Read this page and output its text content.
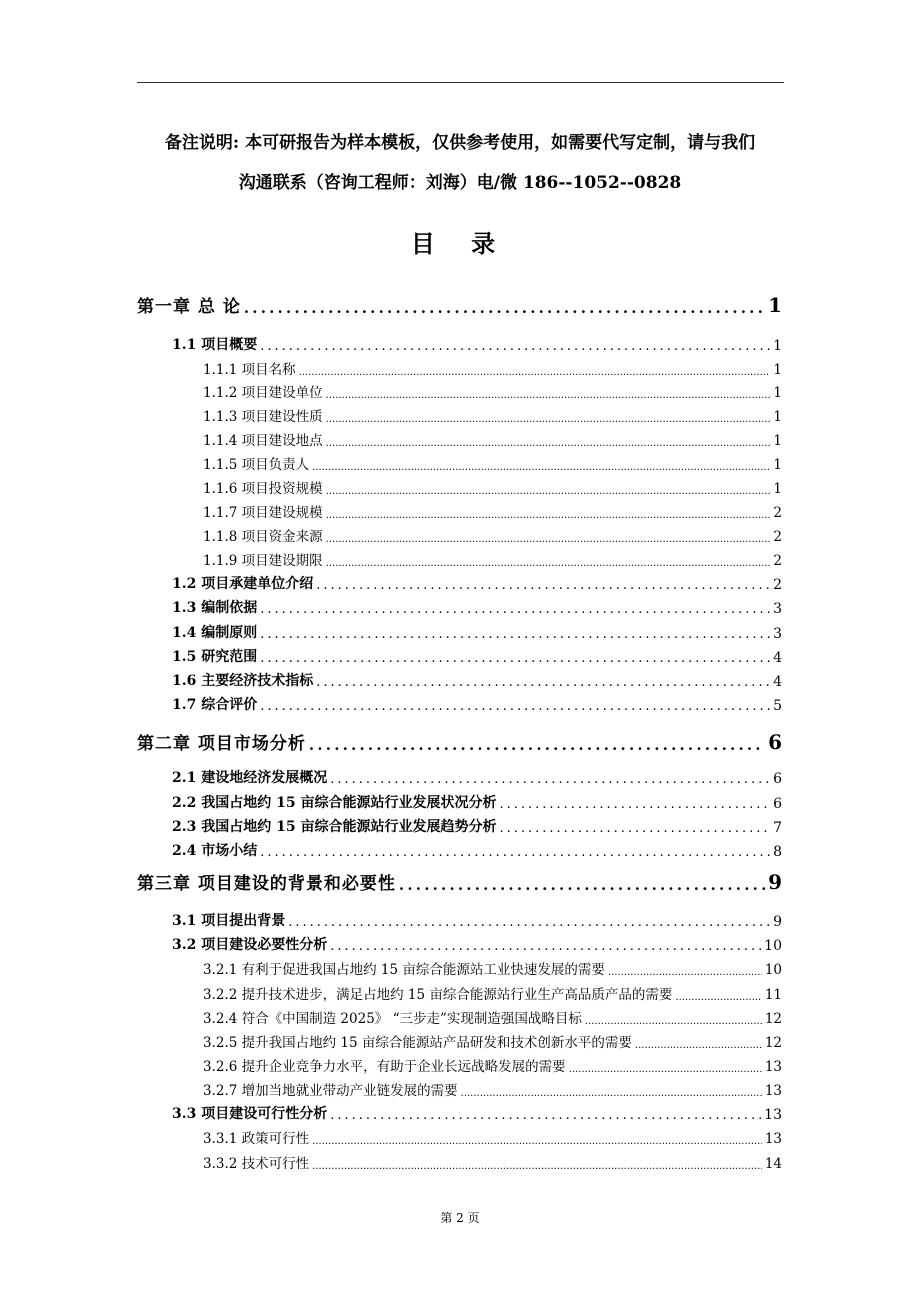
备注说明: 本可研报告为样本模板，仅供参考使用，如需要代写定制，请与我们
沟通联系（咨询工程师：刘海）电/微 186--1052--0828
目 录
第一章 总 论 .....	1
1.1 项目概要 .....	1
1.1.1 项目名称 .....	1
1.1.2 项目建设单位 .....	1
1.1.3 项目建设性质 .....	1
1.1.4 项目建设地点 .....	1
1.1.5 项目负责人 .....	1
1.1.6 项目投资规模 .....	1
1.1.7 项目建设规模 .....	2
1.1.8 项目资金来源 .....	2
1.1.9 项目建设期限 .....	2
1.2 项目承建单位介绍 .....	2
1.3 编制依据 .....	3
1.4 编制原则 .....	3
1.5 研究范围 .....	4
1.6 主要经济技术指标 .....	4
1.7 综合评价 .....	5
第二章 项目市场分析 .....	6
2.1 建设地经济发展概况 .....	6
2.2 我国占地约 15 亩综合能源站行业发展状况分析 .....	6
2.3 我国占地约 15 亩综合能源站行业发展趋势分析 .....	7
2.4 市场小结 .....	8
第三章 项目建设的背景和必要性 .....	9
3.1 项目提出背景 .....	9
3.2 项目建设必要性分析 .....	10
3.2.1 有利于促进我国占地约 15 亩综合能源站工业快速发展的需要 .....	10
3.2.2 提升技术进步，满足占地约 15 亩综合能源站行业生产高品质产品的需要 .....	11
3.2.4 符合《中国制造 2025》 “三步走”实现制造强国战略目标 .....	12
3.2.5 提升我国占地约 15 亩综合能源站产品研发和技术创新水平的需要 .....	12
3.2.6 提升企业竞争力水平，有助于企业长远战略发展的需要 .....	13
3.2.7 增加当地就业带动产业链发展的需要 .....	13
3.3 项目建设可行性分析 .....	13
3.3.1 政策可行性 .....	13
3.3.2 技术可行性 .....	14
第 2 页
